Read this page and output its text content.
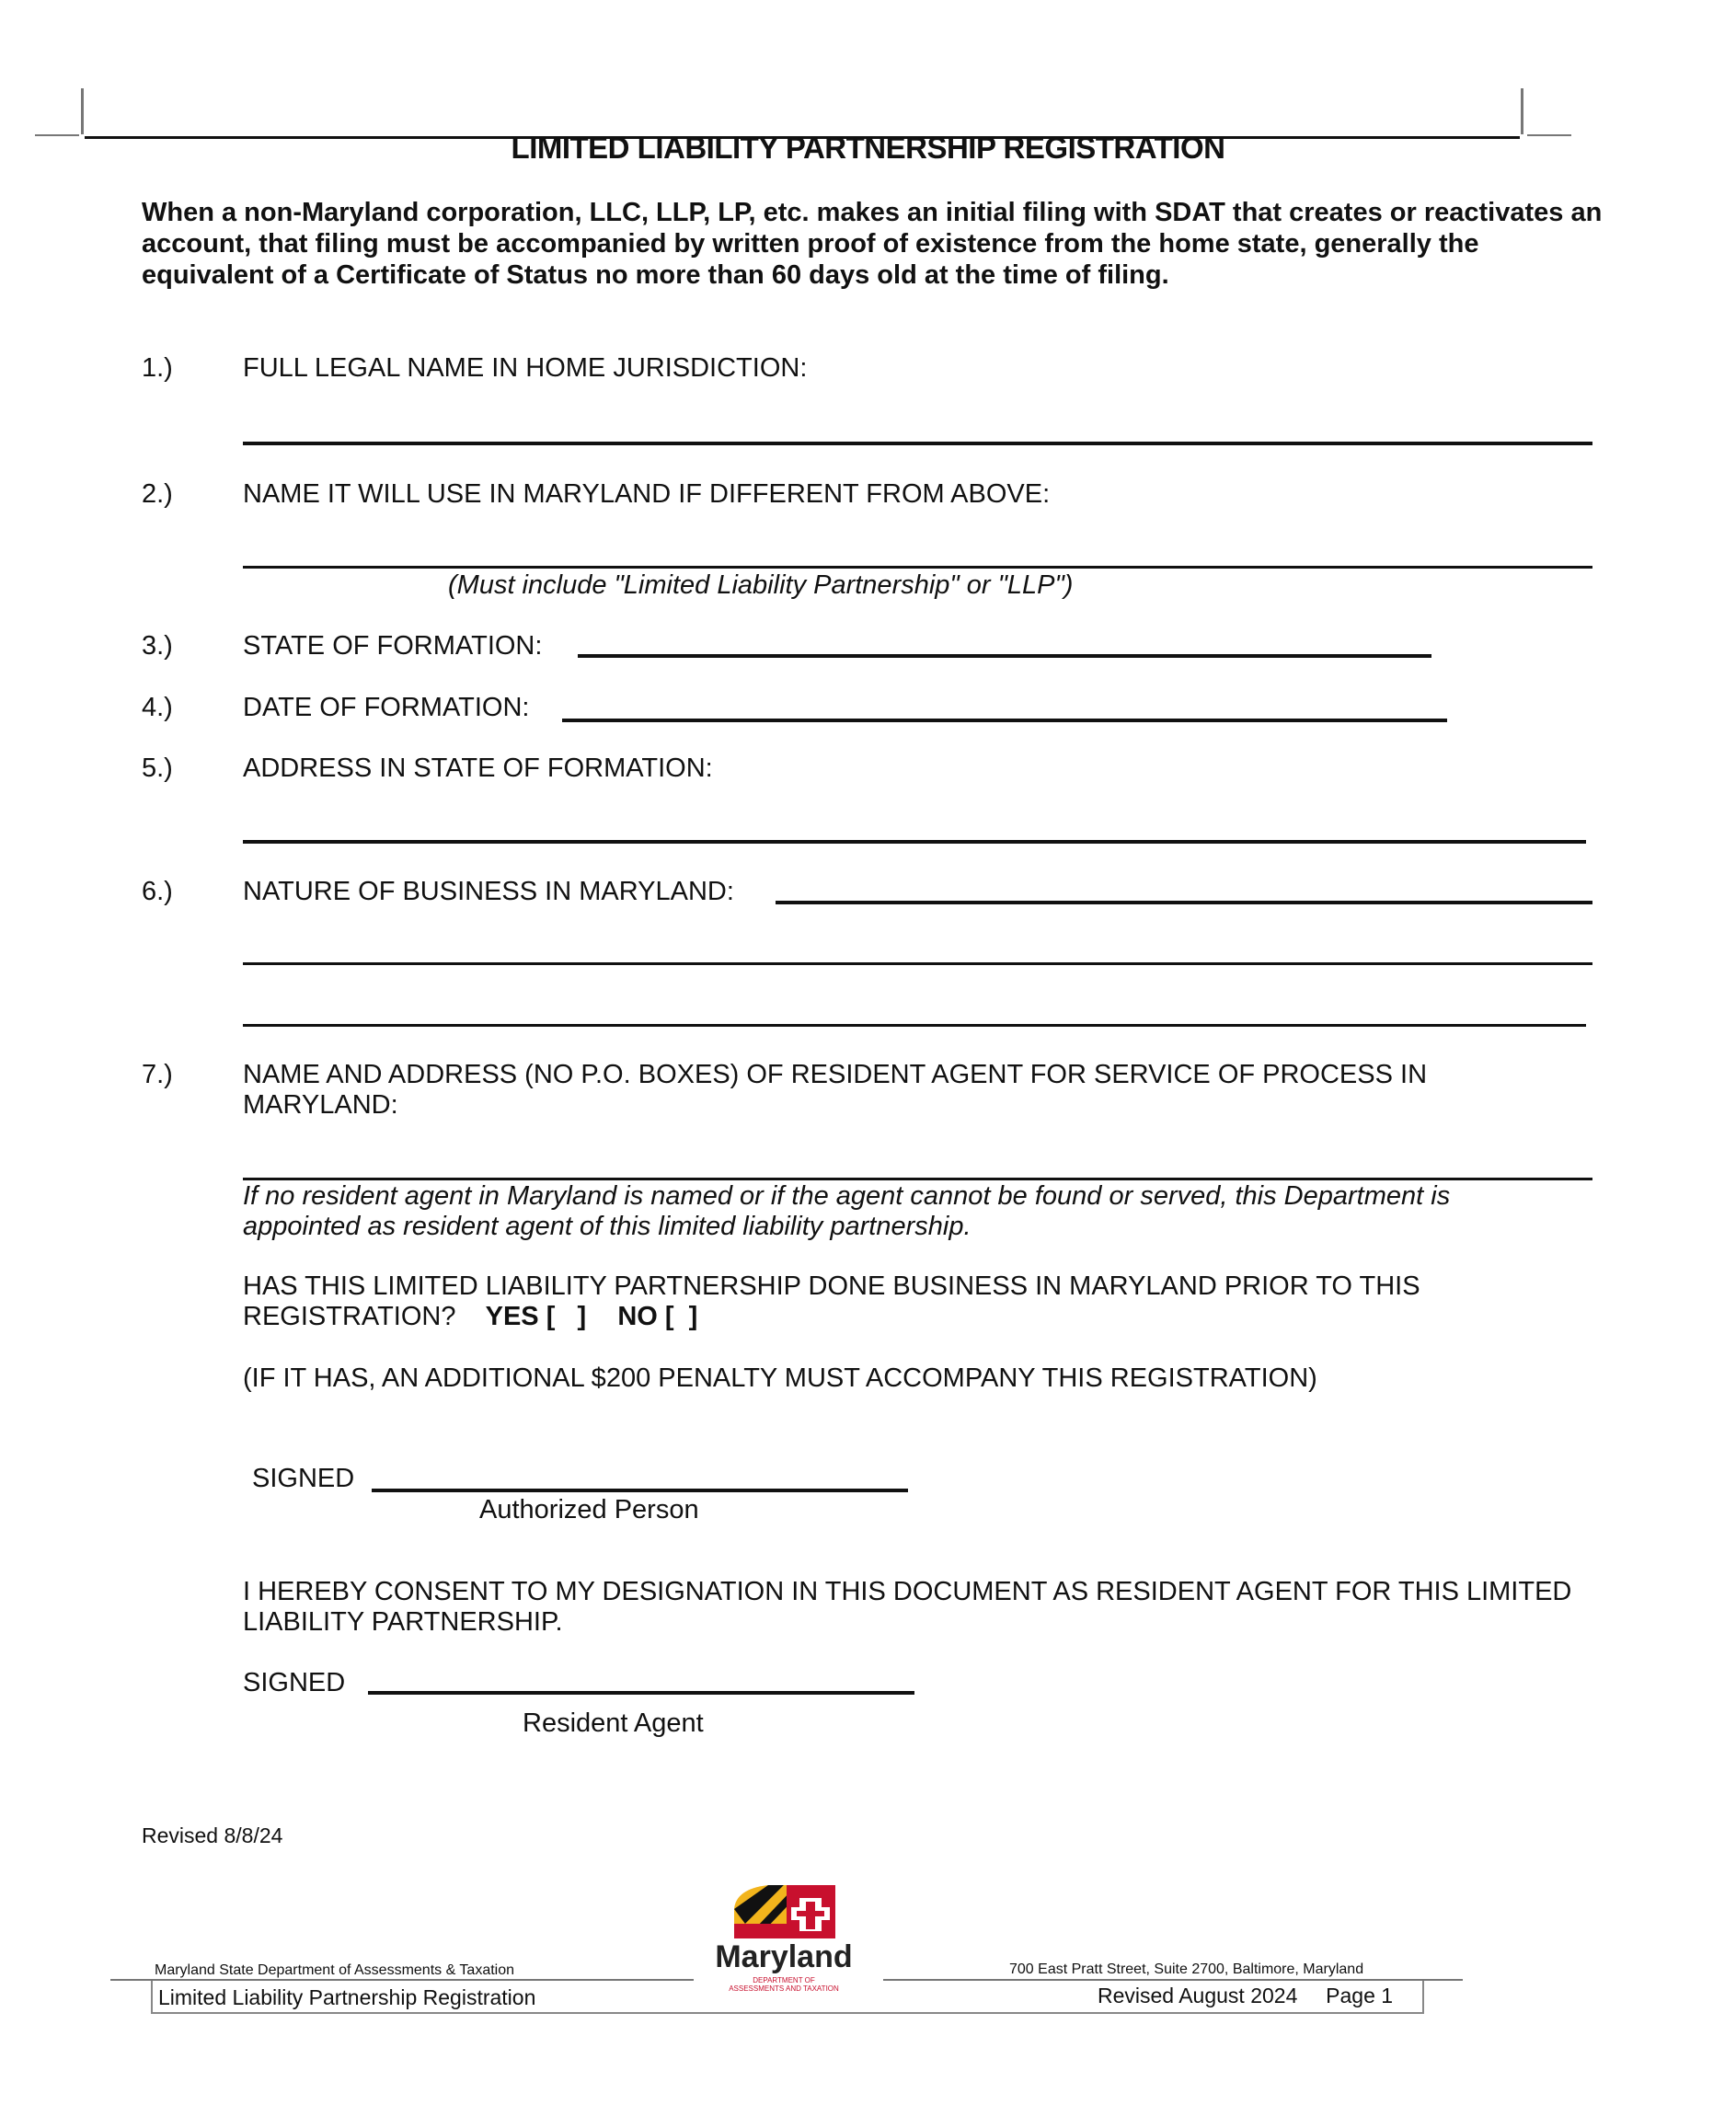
LIMITED LIABILITY PARTNERSHIP REGISTRATION
When a non-Maryland corporation, LLC, LLP, LP, etc. makes an initial filing with SDAT that creates or reactivates an account, that filing must be accompanied by written proof of existence from the home state, generally the equivalent of a Certificate of Status no more than 60 days old at the time of filing.
1.)	FULL LEGAL NAME IN HOME JURISDICTION:
2.)	NAME IT WILL USE IN MARYLAND IF DIFFERENT FROM ABOVE:
(Must include "Limited Liability Partnership" or "LLP")
3.)	STATE OF FORMATION:
4.)	DATE OF FORMATION:
5.)	ADDRESS IN STATE OF FORMATION:
6.)	NATURE OF BUSINESS IN MARYLAND:
7.)	NAME AND ADDRESS (NO P.O. BOXES) OF RESIDENT AGENT FOR SERVICE OF PROCESS IN
MARYLAND:
If no resident agent in Maryland is named or if the agent cannot be found or served, this Department is appointed as resident agent of this limited liability partnership.
HAS THIS LIMITED LIABILITY PARTNERSHIP DONE BUSINESS IN MARYLAND PRIOR TO THIS
REGISTRATION? YES [   ] NO [  ]
(IF IT HAS, AN ADDITIONAL $200 PENALTY MUST ACCOMPANY THIS REGISTRATION)
SIGNED
Authorized Person
I HEREBY CONSENT TO MY DESIGNATION IN THIS DOCUMENT AS RESIDENT AGENT FOR THIS LIMITED LIABILITY PARTNERSHIP.
SIGNED
Resident Agent
Revised 8/8/24
Maryland State Department of Assessments & Taxation	700 East Pratt Street, Suite 2700, Baltimore, Maryland
Limited Liability Partnership Registration	Revised August 2024 Page 1
Maryland
DEPARTMENT OF
ASSESSMENTS AND TAXATION
